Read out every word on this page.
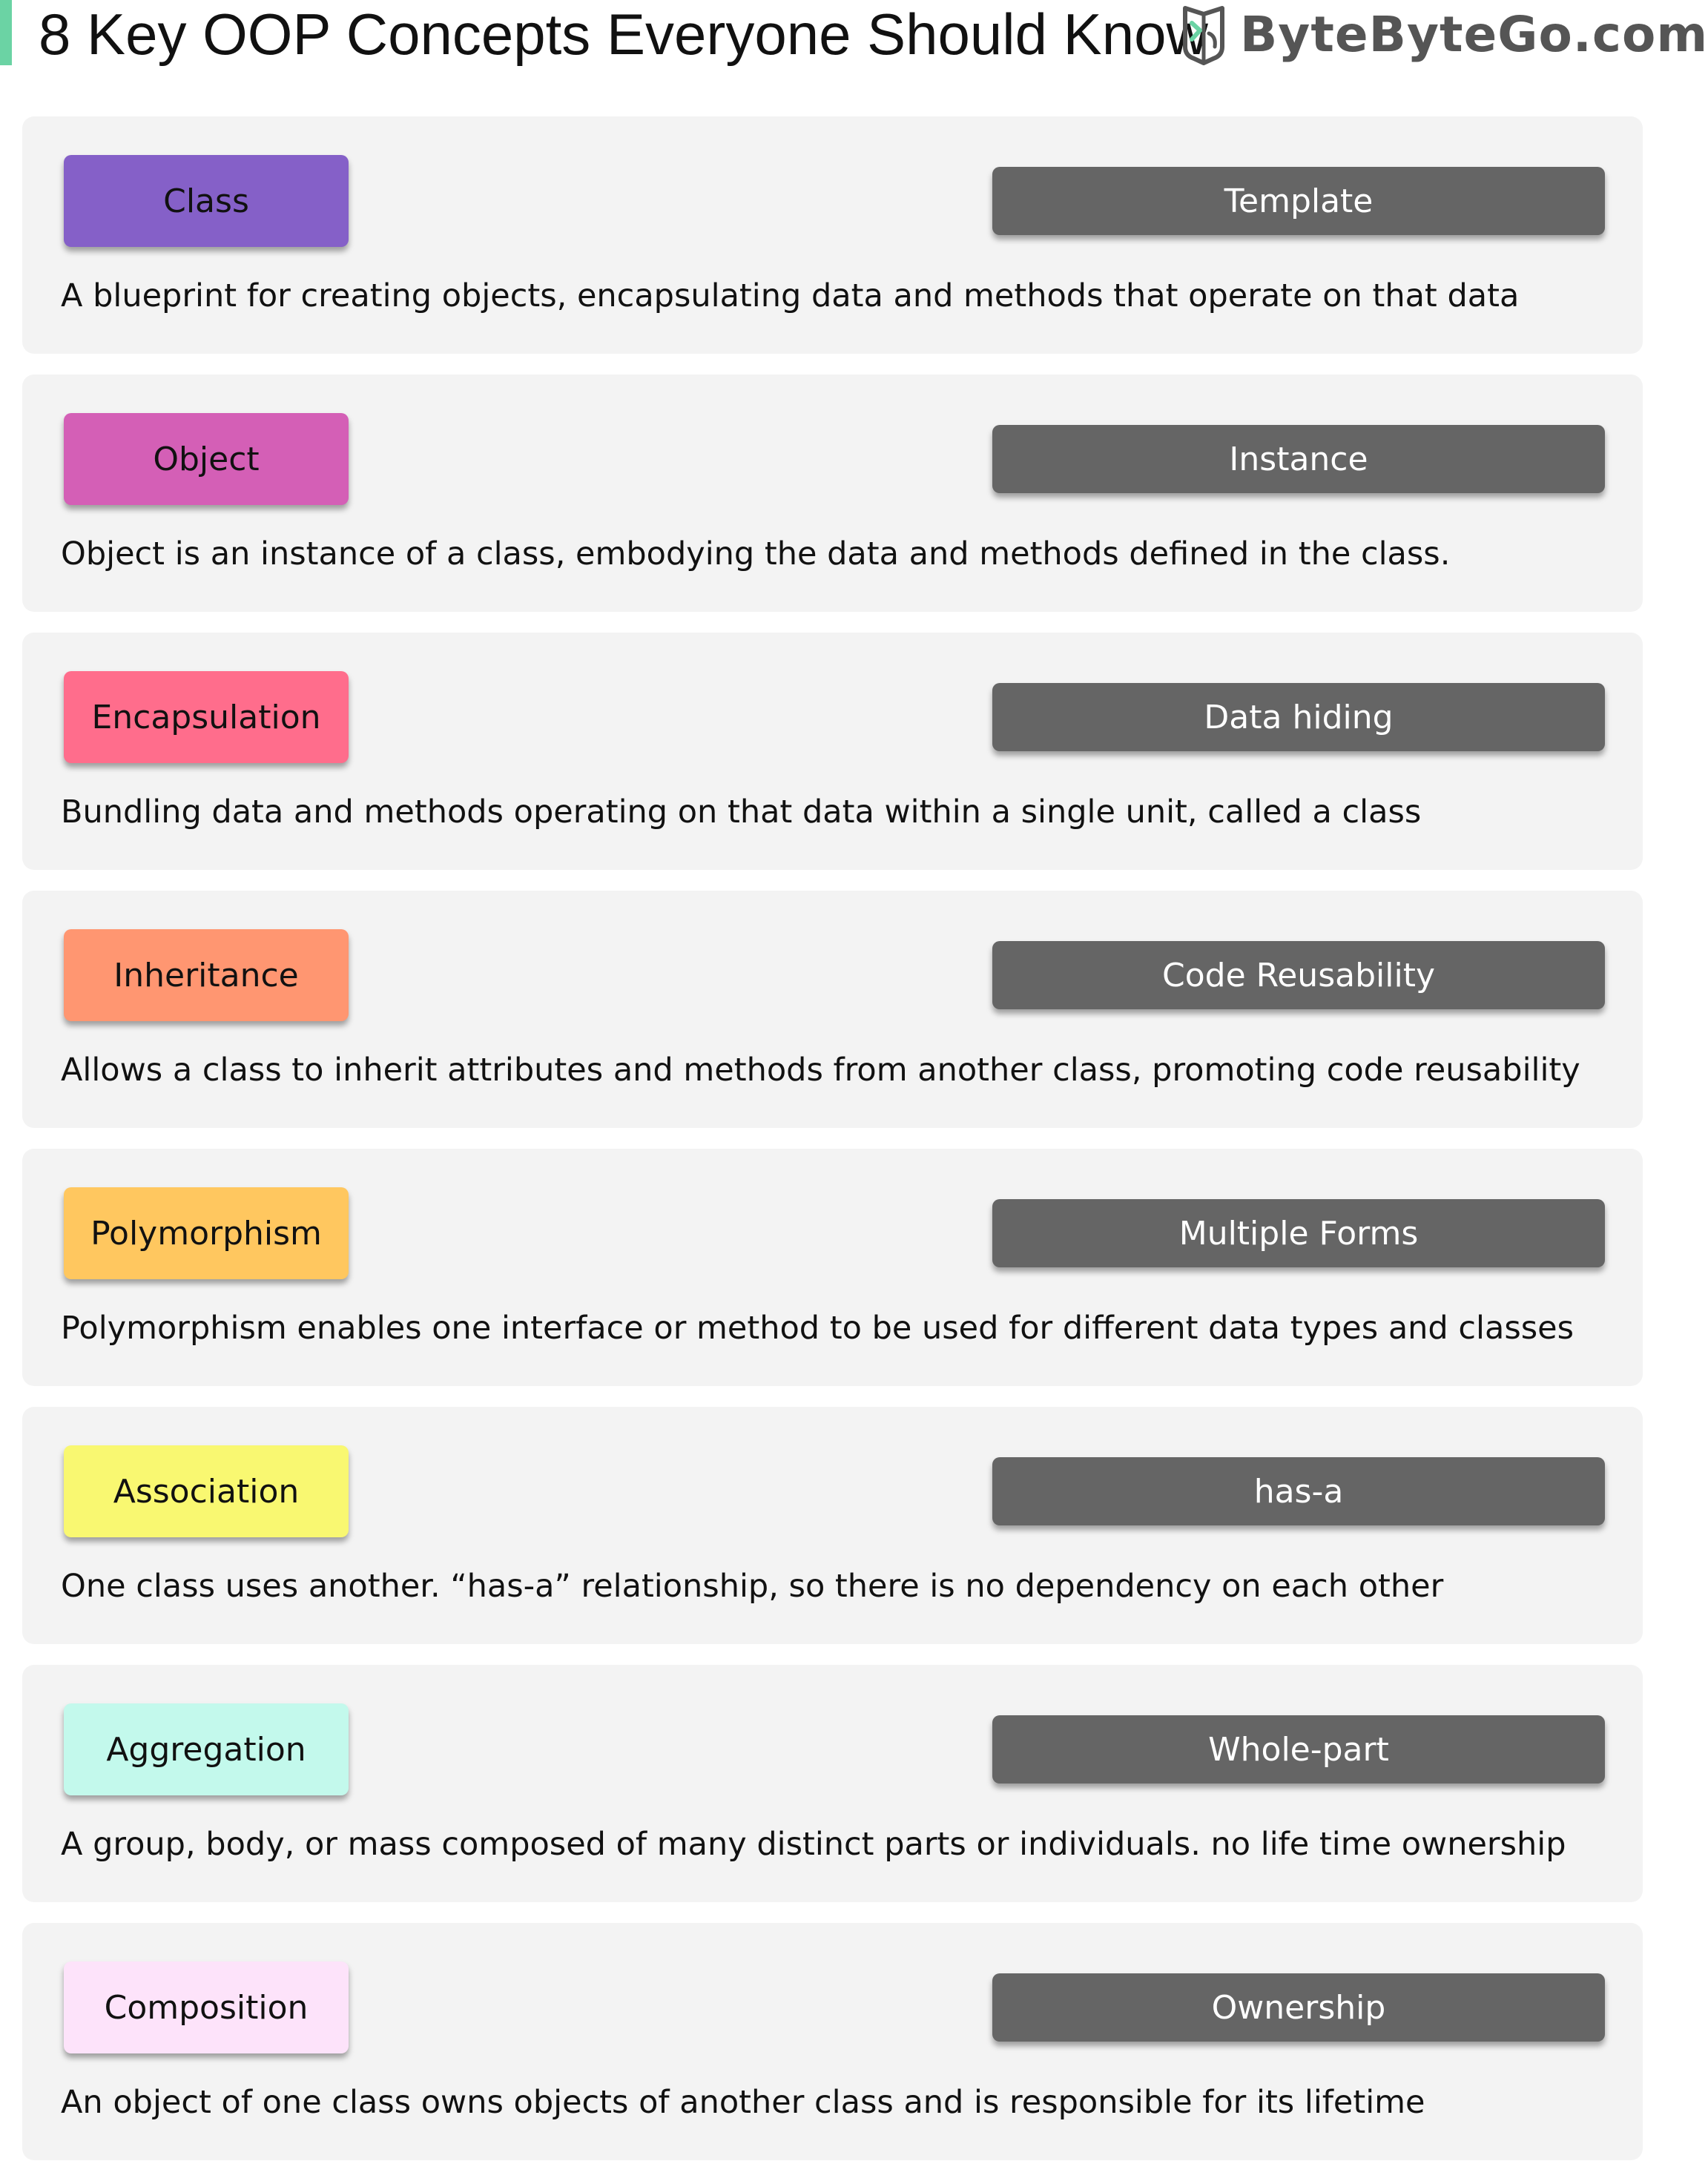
8 Key OOP Concepts Everyone Should Know ByteByteGo.com
Class	Template
A blueprint for creating objects, encapsulating data and methods that operate on that data
Object	Instance
Object is an instance of a class, embodying the data and methods defined in the class.
Encapsulation	Data hiding
Bundling data and methods operating on that data within a single unit, called a class
Inheritance	Code Reusability
Allows a class to inherit attributes and methods from another class, promoting code reusability
Polymorphism	Multiple Forms
Polymorphism enables one interface or method to be used for different data types and classes
Association	has-a
One class uses another. “has-a” relationship, so there is no dependency on each other
Aggregation	Whole-part
A group, body, or mass composed of many distinct parts or individuals. no life time ownership
Composition	Ownership
An object of one class owns objects of another class and is responsible for its lifetime
